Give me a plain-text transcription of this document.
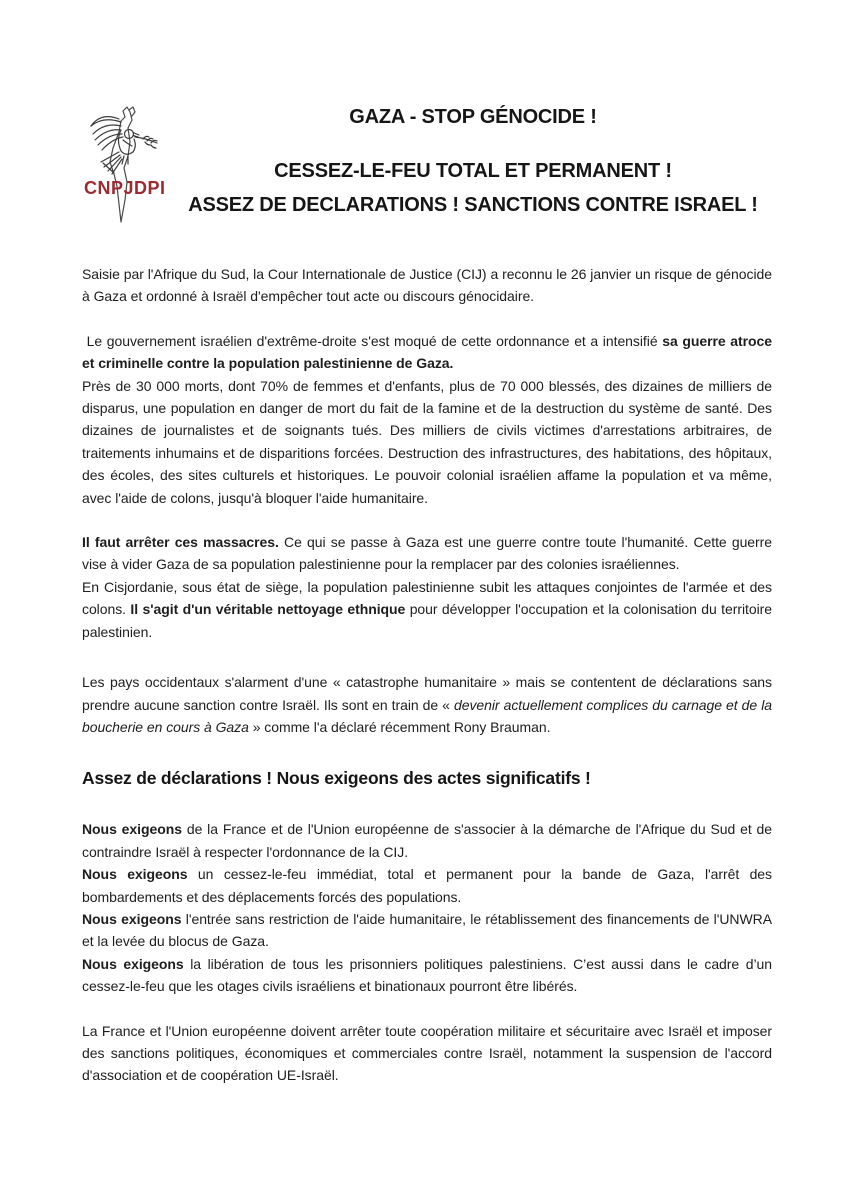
CNPJDPI
GAZA - STOP GÉNOCIDE !
CESSEZ-LE-FEU TOTAL ET PERMANENT !
ASSEZ DE DECLARATIONS ! SANCTIONS CONTRE ISRAEL !

Saisie par l'Afrique du Sud, la Cour Internationale de Justice (CIJ) a reconnu le 26 janvier un risque de génocide à Gaza et ordonné à Israël d'empêcher tout acte ou discours génocidaire.

Le gouvernement israélien d'extrême-droite s'est moqué de cette ordonnance et a intensifié sa guerre atroce et criminelle contre la population palestinienne de Gaza.

Près de 30 000 morts, dont 70% de femmes et d'enfants, plus de 70 000 blessés, des dizaines de milliers de disparus, une population en danger de mort du fait de la famine et de la destruction du système de santé. Des dizaines de journalistes et de soignants tués. Des milliers de civils victimes d'arrestations arbitraires, de traitements inhumains et de disparitions forcées. Destruction des infrastructures, des habitations, des hôpitaux, des écoles, des sites culturels et historiques. Le pouvoir colonial israélien affame la population et va même, avec l'aide de colons, jusqu'à bloquer l'aide humanitaire.

Il faut arrêter ces massacres. Ce qui se passe à Gaza est une guerre contre toute l'humanité. Cette guerre vise à vider Gaza de sa population palestinienne pour la remplacer par des colonies israéliennes.

En Cisjordanie, sous état de siège, la population palestinienne subit les attaques conjointes de l'armée et des colons. Il s'agit d'un véritable nettoyage ethnique pour développer l'occupation et la colonisation du territoire palestinien.

Les pays occidentaux s'alarment d'une « catastrophe humanitaire » mais se contentent de déclarations sans prendre aucune sanction contre Israël. Ils sont en train de « devenir actuellement complices du carnage et de la boucherie en cours à Gaza » comme l'a déclaré récemment Rony Brauman.

Assez de déclarations ! Nous exigeons des actes significatifs !

Nous exigeons de la France et de l'Union européenne de s'associer à la démarche de l'Afrique du Sud et de contraindre Israël à respecter l'ordonnance de la CIJ.

Nous exigeons un cessez-le-feu immédiat, total et permanent pour la bande de Gaza, l'arrêt des bombardements et des déplacements forcés des populations.

Nous exigeons l'entrée sans restriction de l'aide humanitaire, le rétablissement des financements de l'UNWRA et la levée du blocus de Gaza.

Nous exigeons la libération de tous les prisonniers politiques palestiniens. C’est aussi dans le cadre d’un cessez-le-feu que les otages civils israéliens et binationaux pourront être libérés.

La France et l'Union européenne doivent arrêter toute coopération militaire et sécuritaire avec Israël et imposer des sanctions politiques, économiques et commerciales contre Israël, notamment la suspension de l'accord d'association et de coopération UE-Israël.
